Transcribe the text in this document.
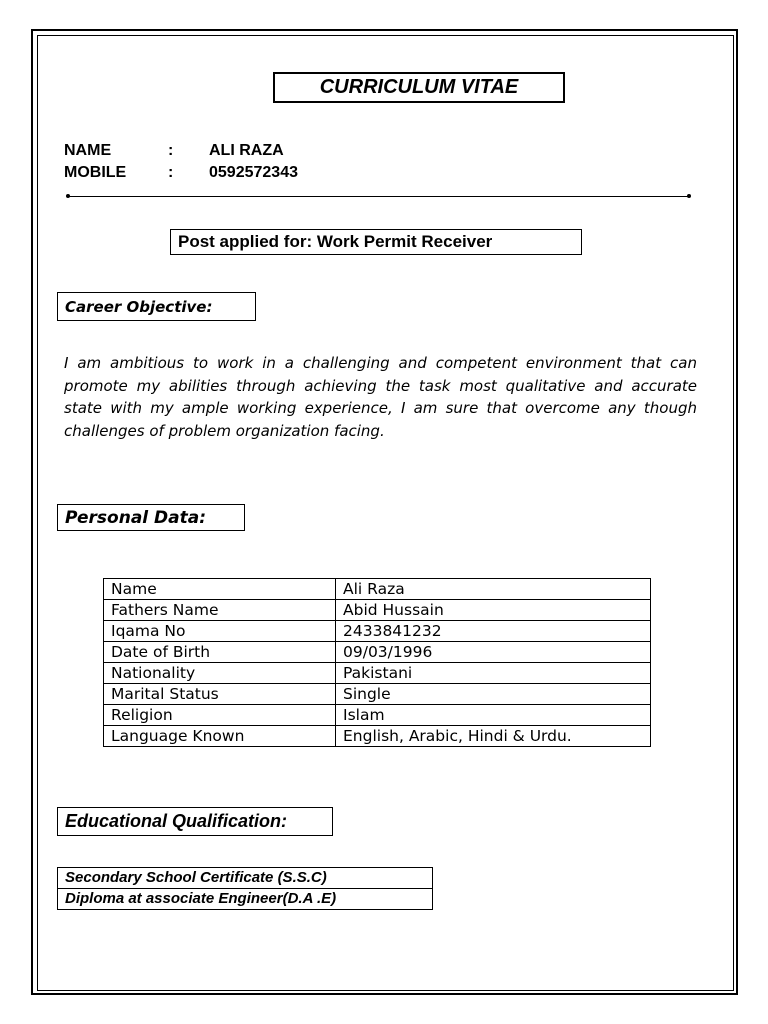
CURRICULUM VITAE
NAME	: ALI RAZA
MOBILE	: 0592572343
Post applied for: Work Permit Receiver
Career Objective:

I am ambitious to work in a challenging and competent environment that can promote my abilities through achieving the task most qualitative and accurate state with my ample working experience, I am sure that overcome any though challenges of problem organization facing.

Personal Data:
Name	Ali Raza
Fathers Name	Abid Hussain
Iqama No	2433841232
Date of Birth	09/03/1996
Nationality	Pakistani
Marital Status	Single
Religion	Islam
Language Known	English, Arabic, Hindi & Urdu.
Educational Qualification:
Secondary School Certificate (S.S.C)
Diploma at associate Engineer(D.A .E)
